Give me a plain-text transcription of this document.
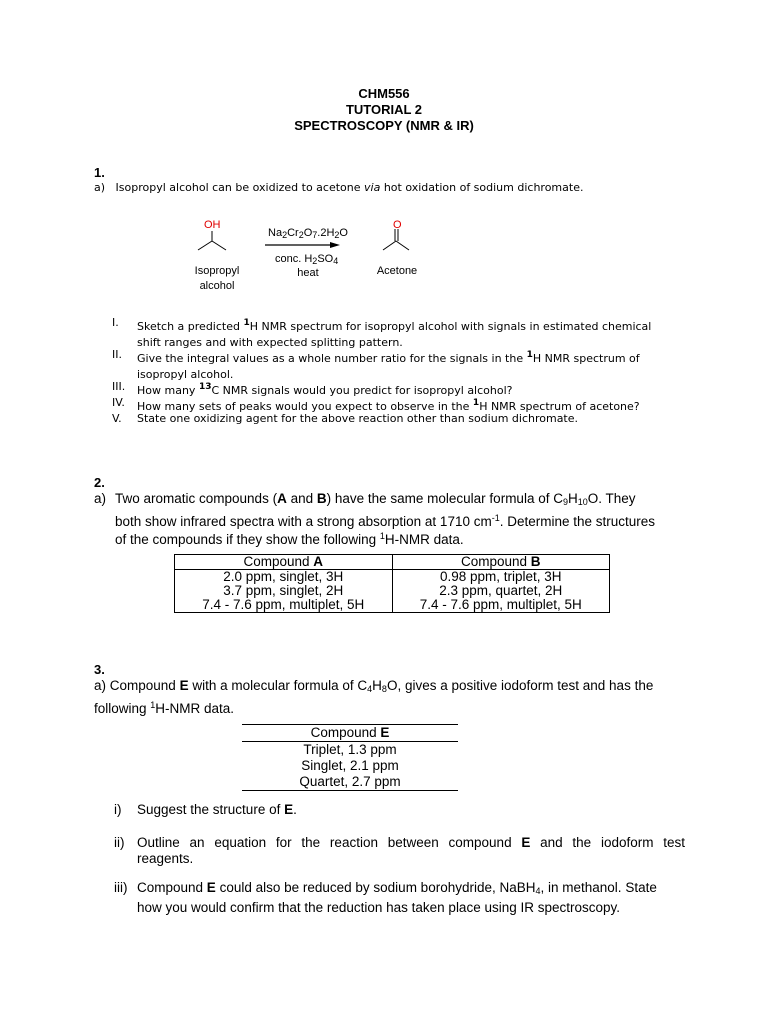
CHM556
TUTORIAL 2
SPECTROSCOPY (NMR & IR)
1.
a) Isopropyl alcohol can be oxidized to acetone via hot oxidation of sodium dichromate.
OH	O
$Na_2Cr_2O_7.2H_2O$
conc. $H_2SO_4$
heat
Isopropyl
alcohol
Acetone
I.	Sketch a predicted $^1$H NMR spectrum for isopropyl alcohol with signals in estimated chemical
shift ranges and with expected splitting pattern.
II.	Give the integral values as a whole number ratio for the signals in the $^1$H NMR spectrum of
isopropyl alcohol.
III.	How many $^{13}$C NMR signals would you predict for isopropyl alcohol?
IV.	How many sets of peaks would you expect to observe in the $^1$H NMR spectrum of acetone?
V.	State one oxidizing agent for the above reaction other than sodium dichromate.
2.
a) Two aromatic compounds (A and B) have the same molecular formula of $C_9H_{10}O$. They
both show infrared spectra with a strong absorption at 1710 $cm^{-1}$. Determine the structures
of the compounds if they show the following $^1$H-NMR data.
Compound A	Compound B
2.0 ppm, singlet, 3H	0.98 ppm, triplet, 3H
3.7 ppm, singlet, 2H	2.3 ppm, quartet, 2H
7.4 - 7.6 ppm, multiplet, 5H	7.4 - 7.6 ppm, multiplet, 5H
3.
a) Compound E with a molecular formula of $C_4H_8O$, gives a positive iodoform test and has the
following $^1$H-NMR data.
Compound E
Triplet, 1.3 ppm
Singlet, 2.1 ppm
Quartet, 2.7 ppm
i) Suggest the structure of E.
ii) Outline an equation for the reaction between compound E and the iodoform test
reagents.
iii) Compound E could also be reduced by sodium borohydride, NaBH$_4$, in methanol. State
how you would confirm that the reduction has taken place using IR spectroscopy.
